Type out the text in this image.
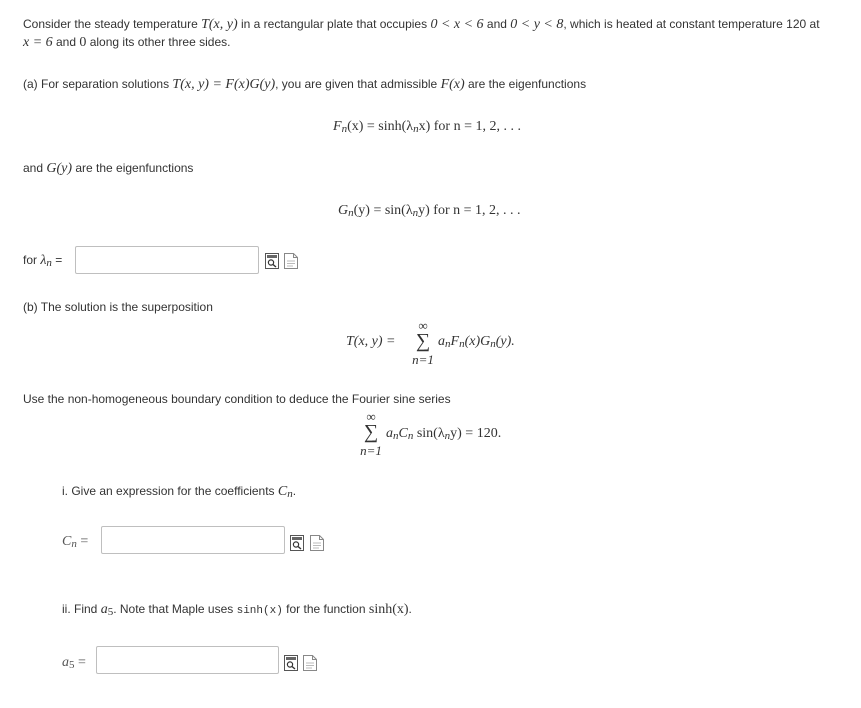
Consider the steady temperature T(x, y) in a rectangular plate that occupies 0 < x < 6 and 0 < y < 8, which is heated at constant temperature 120 at
x = 6 and 0 along its other three sides.
(a) For separation solutions T(x, y) = F(x)G(y), you are given that admissible F(x) are the eigenfunctions
Fn(x) = sinh(λnx) for n = 1, 2, . . .
and G(y) are the eigenfunctions
Gn(y) = sin(λny) for n = 1, 2, . . .
for λn =
(b) The solution is the superposition
T(x, y) =
∞
∑
n=1
anFn(x)Gn(y).
Use the non-homogeneous boundary condition to deduce the Fourier sine series
∞
∑
n=1
anCn sin(λny) = 120.
i. Give an expression for the coefficients Cn.
Cn =
ii. Find a5. Note that Maple uses sinh(x) for the function sinh(x).
a5 =
